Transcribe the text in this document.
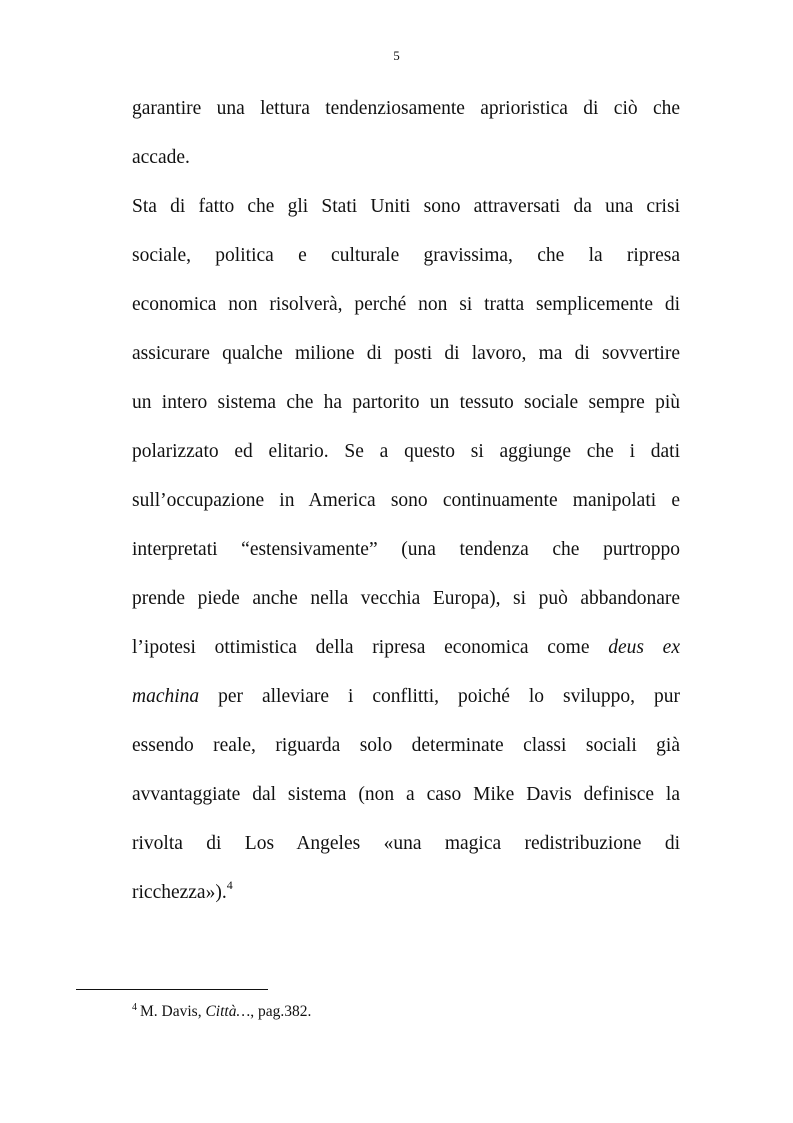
5
garantire una lettura tendenziosamente aprioristica di ciò che
accade.
Sta di fatto che gli Stati Uniti sono attraversati da una crisi
sociale, politica e culturale gravissima, che la ripresa
economica non risolverà, perché non si tratta semplicemente di
assicurare qualche milione di posti di lavoro, ma di sovvertire
un intero sistema che ha partorito un tessuto sociale sempre più
polarizzato ed elitario. Se a questo si aggiunge che i dati
sull’occupazione in America sono continuamente manipolati e
interpretati “estensivamente” (una tendenza che purtroppo
prende piede anche nella vecchia Europa), si può abbandonare
l’ipotesi ottimistica della ripresa economica come deus ex
machina per alleviare i conflitti, poiché lo sviluppo, pur
essendo reale, riguarda solo determinate classi sociali già
avvantaggiate dal sistema (non a caso Mike Davis definisce la
rivolta di Los Angeles «una magica redistribuzione di
ricchezza»).$^4$

$^4$ M. Davis, Città…, pag.382.
